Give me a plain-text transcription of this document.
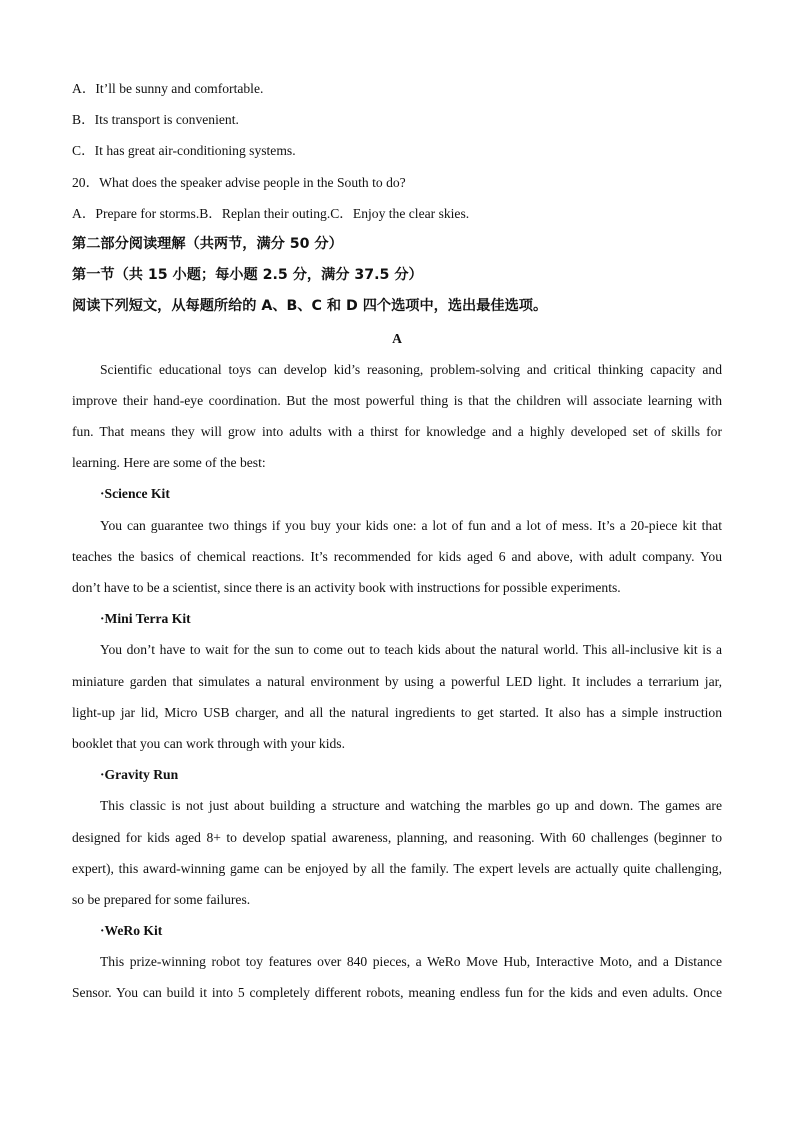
A．It’ll be sunny and comfortable.
B．Its transport is convenient.
C．It has great air-conditioning systems.
20．What does the speaker advise people in the South to do?
A．Prepare for storms.B．Replan their outing.C．Enjoy the clear skies.
第二部分阅读理解（共两节，满分 50 分）
第一节（共 15 小题；每小题 2.5 分，满分 37.5 分）
阅读下列短文，从每题所给的 A、B、C 和 D 四个选项中，选出最佳选项。
A
Scientific educational toys can develop kid’s reasoning, problem-solving and critical thinking capacity and
improve their hand-eye coordination. But the most powerful thing is that the children will associate learning with
fun. That means they will grow into adults with a thirst for knowledge and a highly developed set of skills for
learning. Here are some of the best:
·Science Kit
You can guarantee two things if you buy your kids one: a lot of fun and a lot of mess. It’s a 20-piece kit that
teaches the basics of chemical reactions. It’s recommended for kids aged 6 and above, with adult company. You
don’t have to be a scientist, since there is an activity book with instructions for possible experiments.
·Mini Terra Kit
You don’t have to wait for the sun to come out to teach kids about the natural world. This all-inclusive kit is a
miniature garden that simulates a natural environment by using a powerful LED light. It includes a terrarium jar,
light-up jar lid, Micro USB charger, and all the natural ingredients to get started. It also has a simple instruction
booklet that you can work through with your kids.
·Gravity Run
This classic is not just about building a structure and watching the marbles go up and down. The games are
designed for kids aged 8+ to develop spatial awareness, planning, and reasoning. With 60 challenges (beginner to
expert), this award-winning game can be enjoyed by all the family. The expert levels are actually quite challenging,
so be prepared for some failures.
·WeRo Kit
This prize-winning robot toy features over 840 pieces, a WeRo Move Hub, Interactive Moto, and a Distance
Sensor. You can build it into 5 completely different robots, meaning endless fun for the kids and even adults. Once
